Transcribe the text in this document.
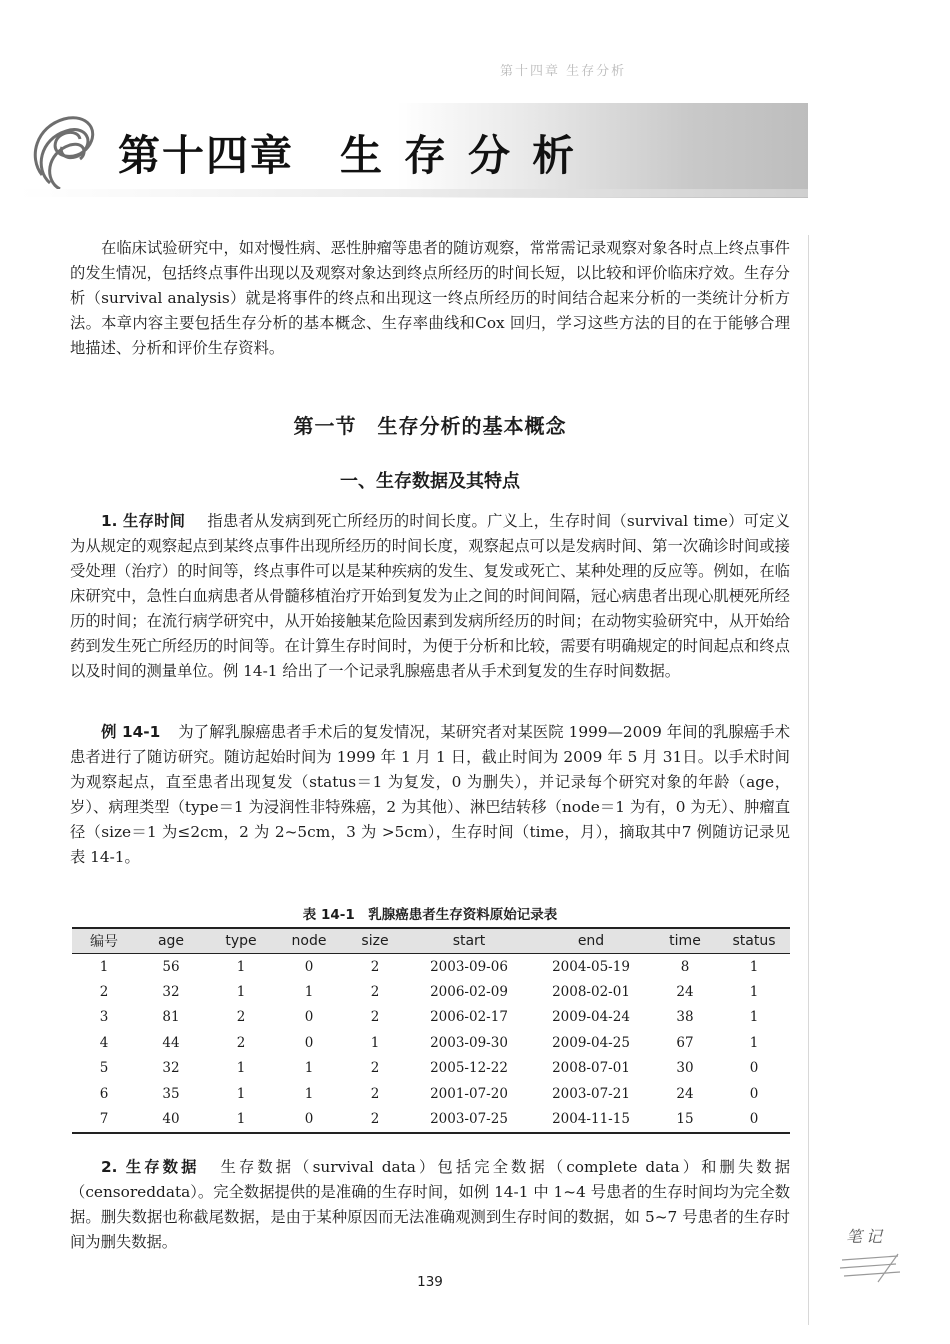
第十四章 生存分析
第十四章 生 存 分 析

在临床试验研究中，如对慢性病、恶性肿瘤等患者的随访观察，常常需记录观察对象各时点上终点事件的发生情况，包括终点事件出现以及观察对象达到终点所经历的时间长短，以比较和评价临床疗效。生存分析（survival analysis）就是将事件的终点和出现这一终点所经历的时间结合起来分析的一类统计分析方法。本章内容主要包括生存分析的基本概念、生存率曲线和Cox 回归，学习这些方法的目的在于能够合理地描述、分析和评价生存资料。

第一节　生存分析的基本概念
一、生存数据及其特点

1. 生存时间 指患者从发病到死亡所经历的时间长度。广义上，生存时间（survival time）可定义为从规定的观察起点到某终点事件出现所经历的时间长度，观察起点可以是发病时间、第一次确诊时间或接受处理（治疗）的时间等，终点事件可以是某种疾病的发生、复发或死亡、某种处理的反应等。例如，在临床研究中，急性白血病患者从骨髓移植治疗开始到复发为止之间的时间间隔，冠心病患者出现心肌梗死所经历的时间；在流行病学研究中，从开始接触某危险因素到发病所经历的时间；在动物实验研究中，从开始给药到发生死亡所经历的时间等。在计算生存时间时，为便于分析和比较，需要有明确规定的时间起点和终点以及时间的测量单位。例 14-1 给出了一个记录乳腺癌患者从手术到复发的生存时间数据。

例 14-1 为了解乳腺癌患者手术后的复发情况，某研究者对某医院 1999—2009 年间的乳腺癌手术患者进行了随访研究。随访起始时间为 1999 年 1 月 1 日，截止时间为 2009 年 5 月 31日。以手术时间为观察起点，直至患者出现复发（status＝1 为复发，0 为删失），并记录每个研究对象的年龄（age，岁）、病理类型（type＝1 为浸润性非特殊癌，2 为其他）、淋巴结转移（node＝1 为有，0 为无）、肿瘤直径（size＝1 为≤2cm，2 为 2~5cm，3 为 >5cm），生存时间（time，月），摘取其中7 例随访记录见表 14-1。

表 14-1　乳腺癌患者生存资料原始记录表
编号	age	type	node	size	start	end	time	status
1	56	1	0	2	2003-09-06	2004-05-19	8	1
2	32	1	1	2	2006-02-09	2008-02-01	24	1
3	81	2	0	2	2006-02-17	2009-04-24	38	1
4	44	2	0	1	2003-09-30	2009-04-25	67	1
5	32	1	1	2	2005-12-22	2008-07-01	30	0
6	35	1	1	2	2001-07-20	2003-07-21	24	0
7	40	1	0	2	2003-07-25	2004-11-15	15	0

2. 生存数据 生存数据（survival data）包括完全数据（complete data）和删失数据（censoreddata）。完全数据提供的是准确的生存时间，如例 14-1 中 1~4 号患者的生存时间均为完全数据。删失数据也称截尾数据，是由于某种原因而无法准确观测到生存时间的数据，如 5~7 号患者的生存时间为删失数据。

139
笔记
